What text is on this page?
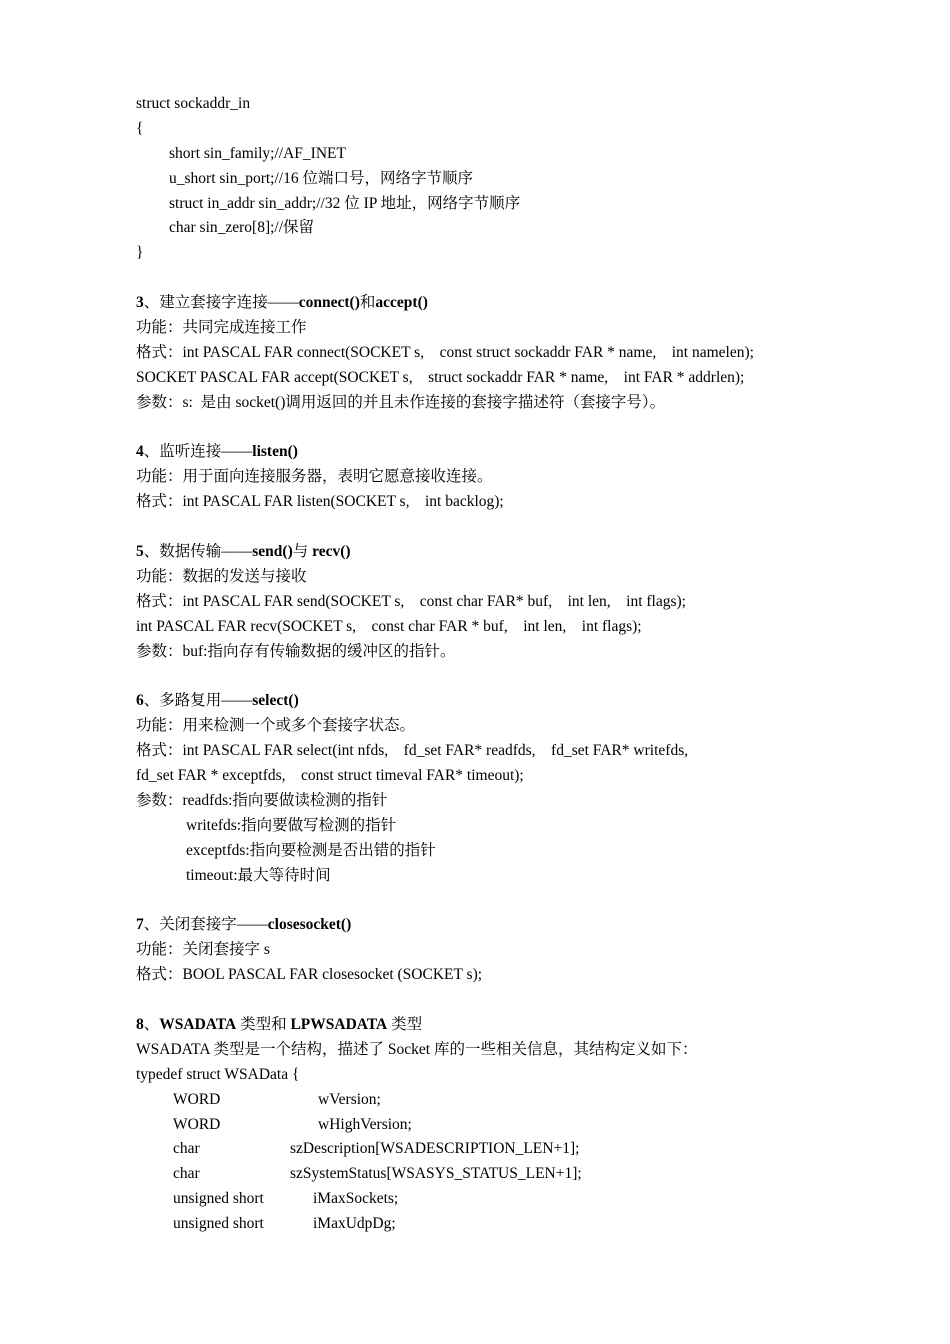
struct sockaddr_in
{
short sin_family;//AF_INET
u_short sin_port;//16 位端口号，网络字节顺序
struct in_addr sin_addr;//32 位 IP 地址，网络字节顺序
char sin_zero[8];//保留
}
3、建立套接字连接——connect()和accept()
功能：共同完成连接工作
格式：int PASCAL FAR connect(SOCKET s,    const struct sockaddr FAR * name,    int namelen);
SOCKET PASCAL FAR accept(SOCKET s,    struct sockaddr FAR * name,    int FAR * addrlen);
参数：s:  是由 socket()调用返回的并且未作连接的套接字描述符（套接字号）。
4、监听连接——listen()
功能：用于面向连接服务器，表明它愿意接收连接。
格式：int PASCAL FAR listen(SOCKET s,    int backlog);
5、数据传输——send()与 recv()
功能：数据的发送与接收
格式：int PASCAL FAR send(SOCKET s,    const char FAR* buf,    int len,    int flags);
int PASCAL FAR recv(SOCKET s,    const char FAR * buf,    int len,    int flags);
参数：buf:指向存有传输数据的缓冲区的指针。
6、多路复用——select()
功能：用来检测一个或多个套接字状态。
格式：int PASCAL FAR select(int nfds,    fd_set FAR* readfds,    fd_set FAR* writefds,
fd_set FAR * exceptfds,    const struct timeval FAR* timeout);
参数：readfds:指向要做读检测的指针
writefds:指向要做写检测的指针
exceptfds:指向要检测是否出错的指针
timeout:最大等待时间
7、关闭套接字——closesocket()
功能：关闭套接字 s
格式：BOOL PASCAL FAR closesocket (SOCKET s);
8、WSADATA 类型和 LPWSADATA 类型
WSADATA 类型是一个结构，描述了 Socket 库的一些相关信息，其结构定义如下：
typedef struct WSAData {
WORD	wVersion;
WORD	wHighVersion;
char	szDescription[WSADESCRIPTION_LEN+1];
char	szSystemStatus[WSASYS_STATUS_LEN+1];
unsigned short	iMaxSockets;
unsigned short	iMaxUdpDg;
